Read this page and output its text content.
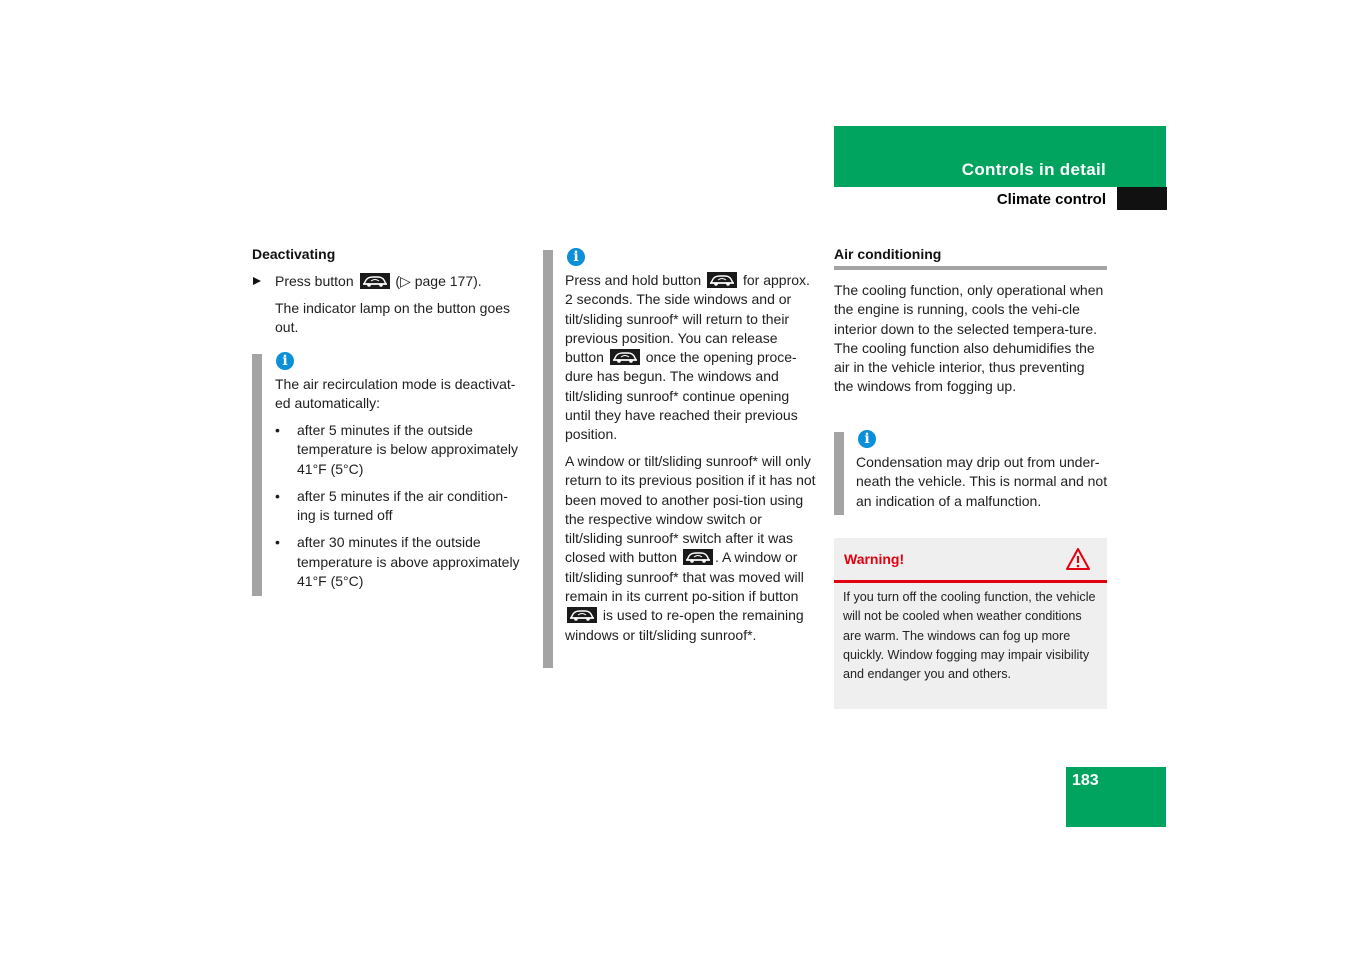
Controls in detail
Climate control
Deactivating
Press button	(▷ page 177).
The indicator lamp on the button goes out.
i
The air recirculation mode is deactivat-ed automatically:
• after 5 minutes if the outside temperature is below approximately 41°F (5°C)
• after 5 minutes if the air condition-ing is turned off
• after 30 minutes if the outside temperature is above approximately 41°F (5°C)
i
Press and hold button	for approx. 2 seconds. The side windows and or tilt/sliding sunroof* will return to their previous position. You can release button	once the opening proce-dure has begun. The windows and tilt/sliding sunroof* continue opening until they have reached their previous position.
A window or tilt/sliding sunroof* will only return to its previous position if it has not been moved to another posi-tion using the respective window switch or tilt/sliding sunroof* switch after it was closed with button	. A window or tilt/sliding sunroof* that was moved will remain in its current po-sition if button
is used to re-open the remaining windows or tilt/sliding sunroof*.
Air conditioning
The cooling function, only operational when the engine is running, cools the vehi-cle interior down to the selected tempera-ture. The cooling function also dehumidifies the air in the vehicle interior, thus preventing the windows from fogging up.
i
Condensation may drip out from under-neath the vehicle. This is normal and not an indication of a malfunction.
Warning!
If you turn off the cooling function, the vehicle will not be cooled when weather conditions are warm. The windows can fog up more quickly. Window fogging may impair visibility and endanger you and others.
183
